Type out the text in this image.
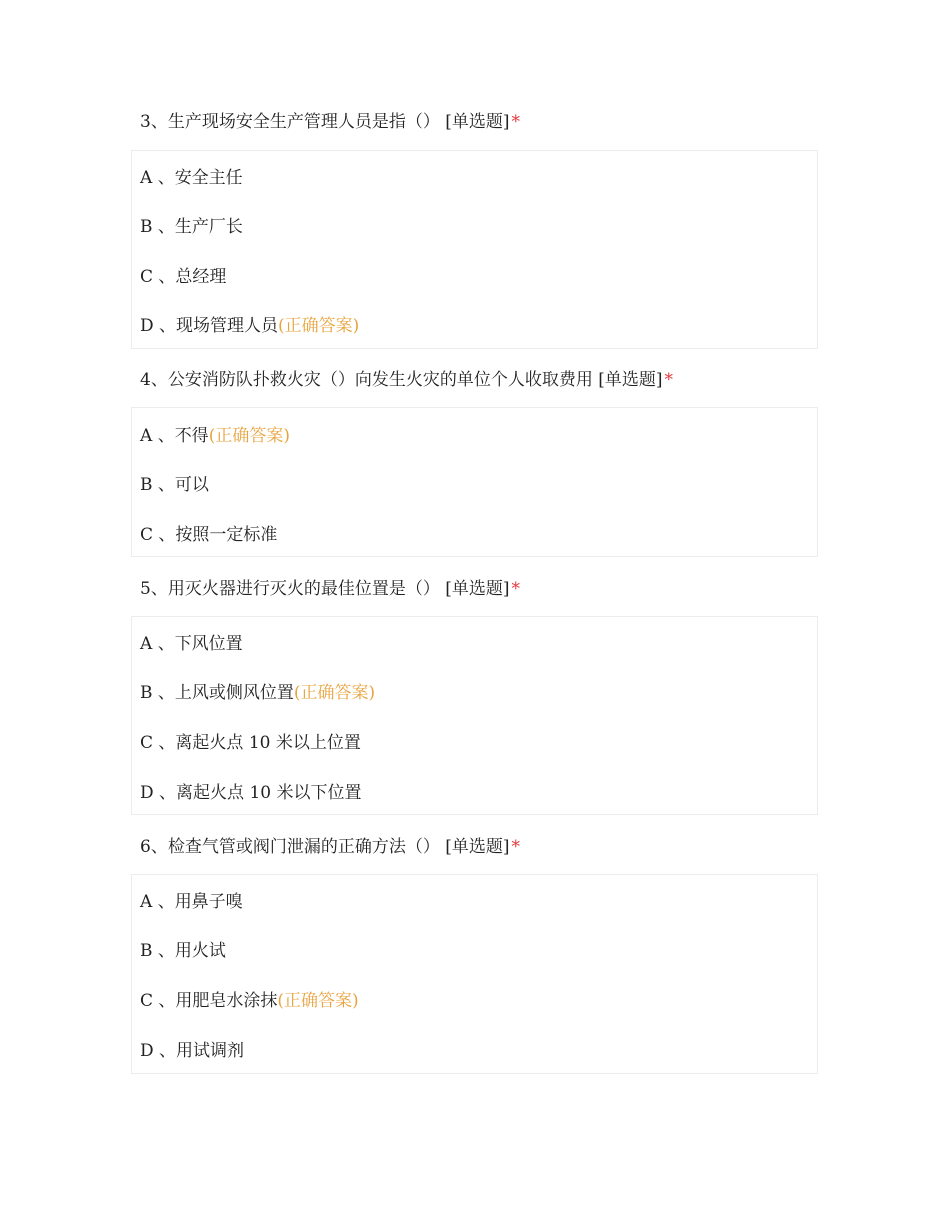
3、生产现场安全生产管理人员是指（） [单选题] *
A 、安全主任
B 、生产厂长
C 、总经理
D 、现场管理人员(正确答案)
4、公安消防队扑救火灾（）向发生火灾的单位个人收取费用 [单选题] *
A 、不得(正确答案)
B 、可以
C 、按照一定标准
5、用灭火器进行灭火的最佳位置是（） [单选题] *
A 、下风位置
B 、上风或侧风位置(正确答案)
C 、离起火点 10 米以上位置
D 、离起火点 10 米以下位置
6、检查气管或阀门泄漏的正确方法（） [单选题] *
A 、用鼻子嗅
B 、用火试
C 、用肥皂水涂抹(正确答案)
D 、用试调剂
